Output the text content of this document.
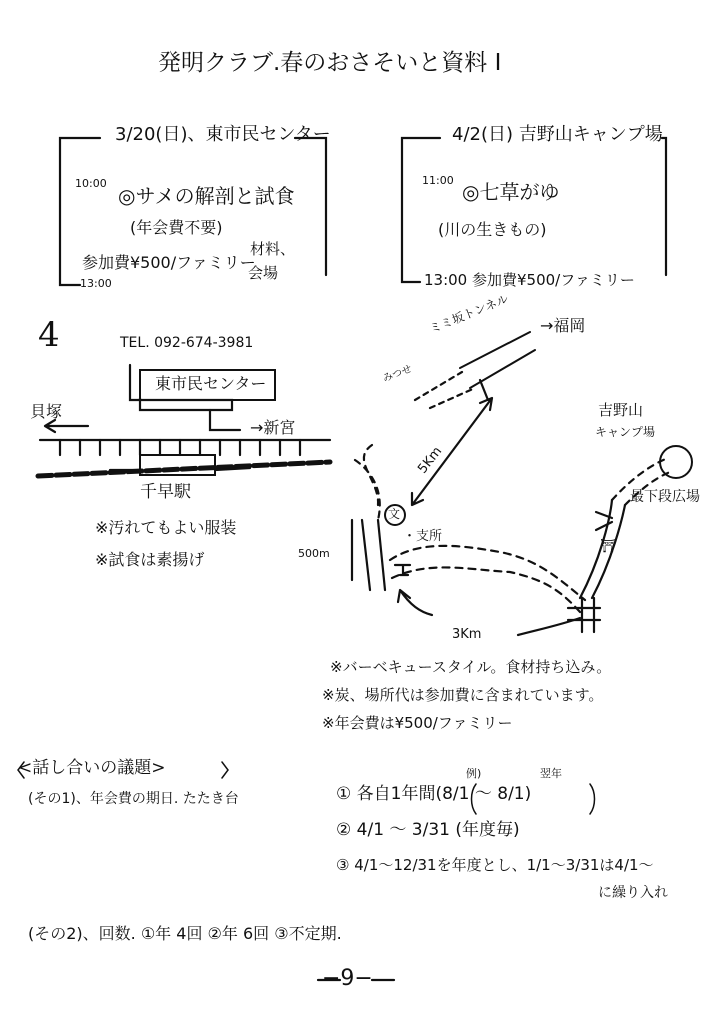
発明クラブ.春のおさそいと資料 I
3/20(日)、東市民センター
10:00
◎サメの解剖と試食
(年会費不要)
参加費¥500/ファミリー
材料、
会場
13:00
4/2(日) 吉野山キャンプ場
11:00 ◎七草がゆ
(川の生きもの)
13:00 参加費¥500/ファミリー
4	TEL. 092-674-3981
東市民センター
貝塚
→新宮
千早駅
※汚れてもよい服装
※試食は素揚げ
ミミ坂トンネル →福岡
みつせ
5Km
文
・支所
500m
3Km
吉野山
キャンプ場
最下段広場
⛩
※バーベキュースタイル。食材持ち込み。
※炭、場所代は参加費に含まれています。
※年会費は¥500/ファミリー
<話し合いの議題>
(その1)、年会費の期日. たたき台	① 各自1年間(8/1 〜 8/1)
例)	翌年
② 4/1 〜 3/31 (年度毎)
③ 4/1〜12/31を年度とし、1/1〜3/31は4/1〜
に繰り入れ
(その2)、回数. ①年 4回 ②年 6回 ③不定期.
−9−
